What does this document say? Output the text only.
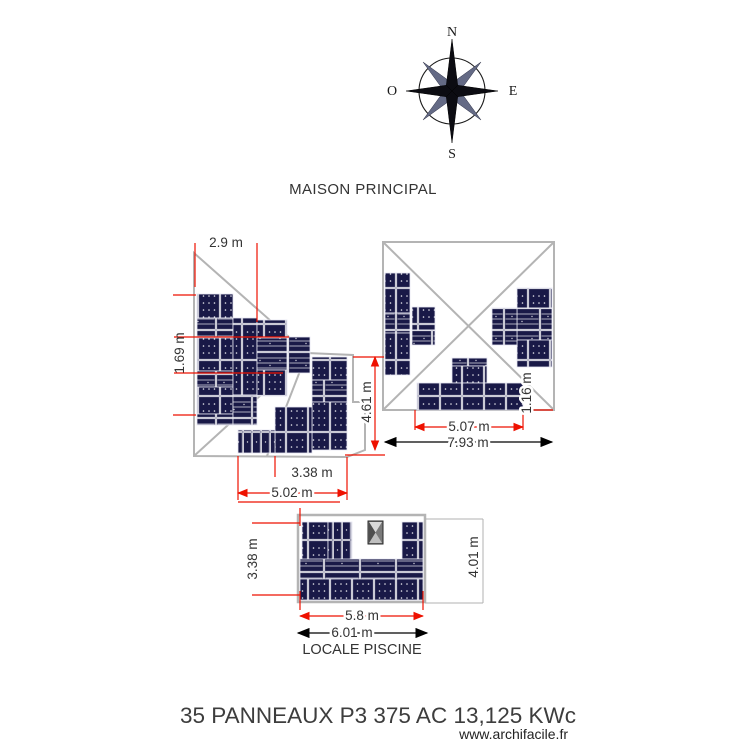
N
S
E
O
MAISON PRINCIPAL
2.9 m
1.69 m
3.38 m
5.02 m
4.61 m
5.07 m
7.93 m
1.16 m
3.38 m
5.8 m
6.01 m
4.01 m
LOCALE PISCINE
35 PANNEAUX P3 375 AC 13,125 KWc
www.archifacile.fr
